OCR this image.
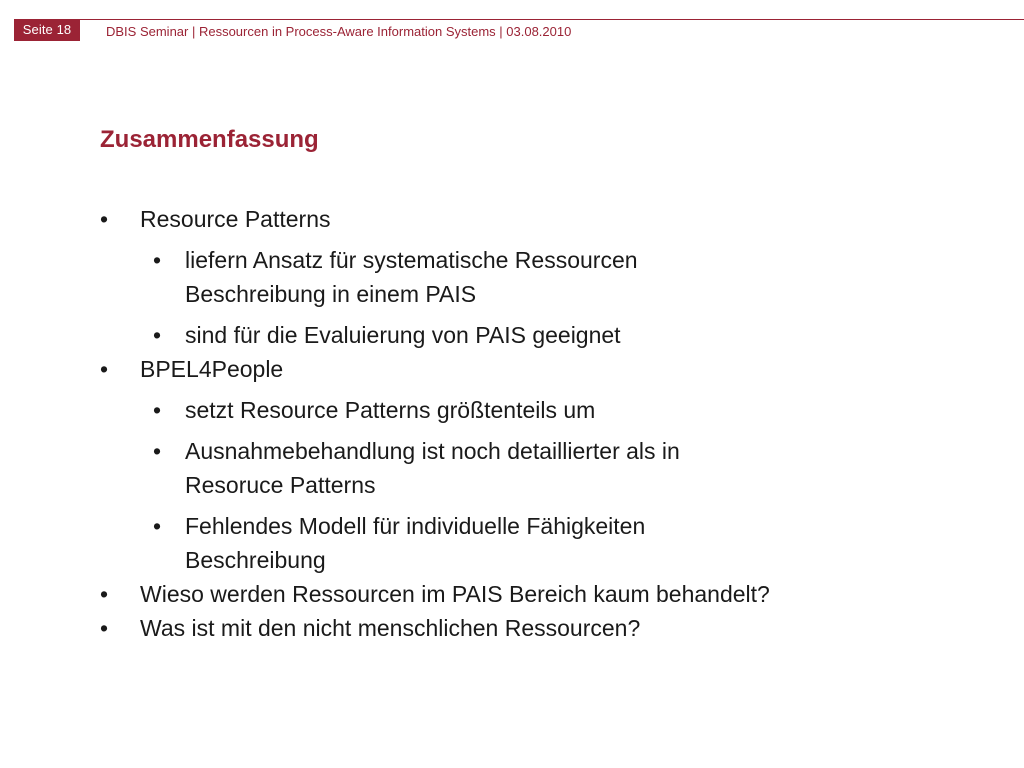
Seite 18	DBIS Seminar | Ressourcen in Process-Aware Information Systems | 03.08.2010
Zusammenfassung
•	Resource Patterns
•	liefern Ansatz für systematische Ressourcen
Beschreibung in einem PAIS
•	sind für die Evaluierung von PAIS geeignet
•	BPEL4People
•	setzt Resource Patterns größtenteils um
•	Ausnahmebehandlung ist noch detaillierter als in
Resoruce Patterns
•	Fehlendes Modell für individuelle Fähigkeiten
Beschreibung
•	Wieso werden Ressourcen im PAIS Bereich kaum behandelt?
•	Was ist mit den nicht menschlichen Ressourcen?
